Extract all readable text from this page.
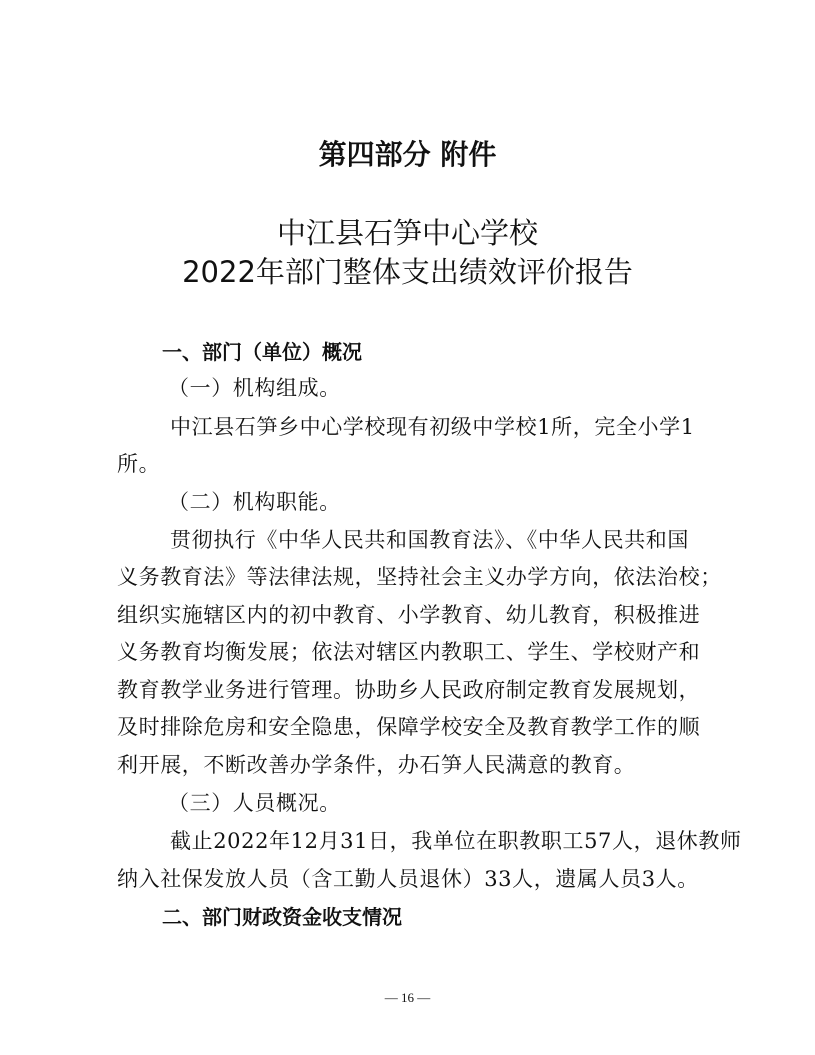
第四部分 附件
中江县石笋中心学校
2022年部门整体支出绩效评价报告
一、部门（单位）概况
（一）机构组成。
中江县石笋乡中心学校现有初级中学校1所，完全小学1
所。
（二）机构职能。
贯彻执行《中华人民共和国教育法》、《中华人民共和国
义务教育法》等法律法规，坚持社会主义办学方向，依法治校；
组织实施辖区内的初中教育、小学教育、幼儿教育，积极推进
义务教育均衡发展；依法对辖区内教职工、学生、学校财产和
教育教学业务进行管理。协助乡人民政府制定教育发展规划，
及时排除危房和安全隐患，保障学校安全及教育教学工作的顺
利开展，不断改善办学条件，办石笋人民满意的教育。
（三）人员概况。
截止2022年12月31日，我单位在职教职工57人，退休教师
纳入社保发放人员（含工勤人员退休）33人，遗属人员3人。
二、部门财政资金收支情况
— 16 —
